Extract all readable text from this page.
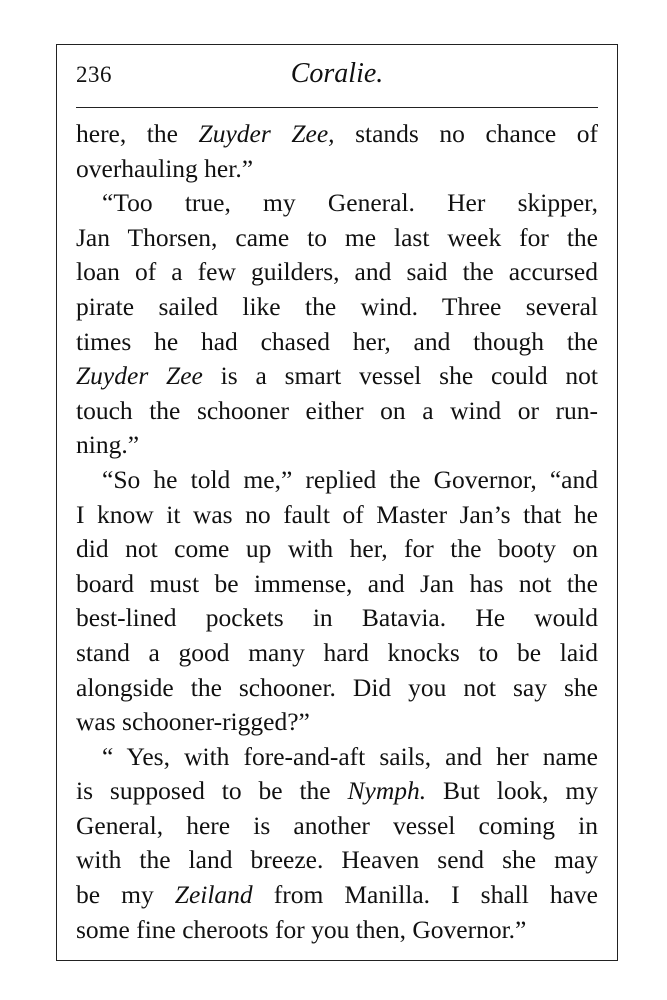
236	Coralie.
here, the Zuyder Zee, stands no chance of
overhauling her.”
“Too true, my General. Her skipper,
Jan Thorsen, came to me last week for the
loan of a few guilders, and said the accursed
pirate sailed like the wind. Three several
times he had chased her, and though the
Zuyder Zee is a smart vessel she could not
touch the schooner either on a wind or run-
ning.”
“So he told me,” replied the Governor, “and
I know it was no fault of Master Jan’s that he
did not come up with her, for the booty on
board must be immense, and Jan has not the
best-lined pockets in Batavia. He would
stand a good many hard knocks to be laid
alongside the schooner. Did you not say she
was schooner-rigged?”
“ Yes, with fore-and-aft sails, and her name
is supposed to be the Nymph. But look, my
General, here is another vessel coming in
with the land breeze. Heaven send she may
be my Zeiland from Manilla. I shall have
some fine cheroots for you then, Governor.”
